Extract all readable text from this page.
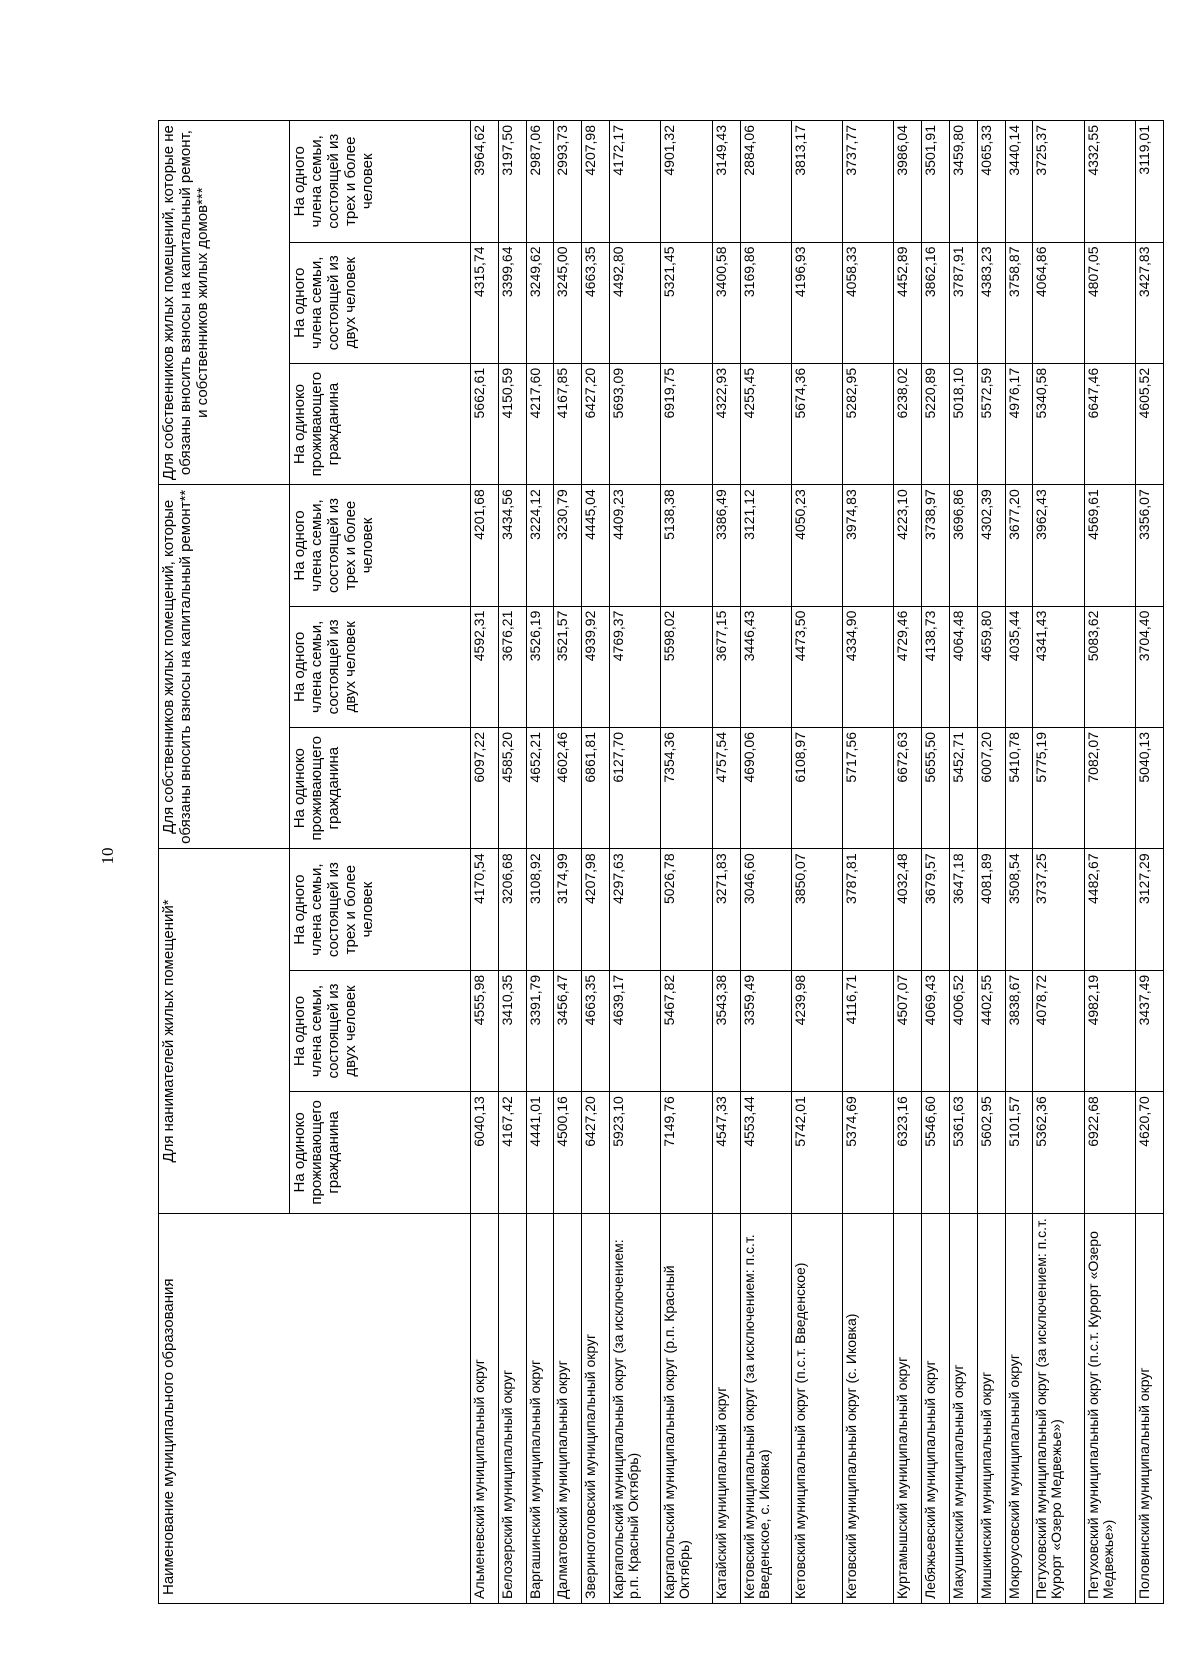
10
Наименование муниципального образования	Для нанимателей жилых помещений*			Для собственников жилых помещений, которые обязаны вносить взносы на капитальный ремонт**			Для собственников жилых помещений, которые не обязаны вносить взносы на капитальный ремонт, и собственников жилых домов***		
	На одиноко проживающего гражданина	На одного члена семьи, состоящей из двух человек	На одного члена семьи, состоящей из трех и более человек	На одиноко проживающего гражданина	На одного члена семьи, состоящей из двух человек	На одного члена семьи, состоящей из трех и более человек	На одиноко проживающего гражданина	На одного члена семьи, состоящей из двух человек	На одного члена семьи, состоящей из трех и более человек
Альменевский муниципальный округ	6040,13	4555,98	4170,54	6097,22	4592,31	4201,68	5662,61	4315,74	3964,62
Белозерский муниципальный округ	4167,42	3410,35	3206,68	4585,20	3676,21	3434,56	4150,59	3399,64	3197,50
Варгашинский муниципальный округ	4441,01	3391,79	3108,92	4652,21	3526,19	3224,12	4217,60	3249,62	2987,06
Далматовский муниципальный округ	4500,16	3456,47	3174,99	4602,46	3521,57	3230,79	4167,85	3245,00	2993,73
Звериноголовский муниципальный округ	6427,20	4663,35	4207,98	6861,81	4939,92	4445,04	6427,20	4663,35	4207,98
Каргапольский муниципальный округ (за исключением: р.п. Красный Октябрь)	5923,10	4639,17	4297,63	6127,70	4769,37	4409,23	5693,09	4492,80	4172,17
Каргапольский муниципальный округ (р.п. Красный Октябрь)	7149,76	5467,82	5026,78	7354,36	5598,02	5138,38	6919,75	5321,45	4901,32
Катайский муниципальный округ	4547,33	3543,38	3271,83	4757,54	3677,15	3386,49	4322,93	3400,58	3149,43
Кетовский муниципальный округ (за исключением: п.с.т. Введенское, с. Иковка)	4553,44	3359,49	3046,60	4690,06	3446,43	3121,12	4255,45	3169,86	2884,06
Кетовский муниципальный округ (п.с.т. Введенское)	5742,01	4239,98	3850,07	6108,97	4473,50	4050,23	5674,36	4196,93	3813,17
Кетовский муниципальный округ (с. Иковка)	5374,69	4116,71	3787,81	5717,56	4334,90	3974,83	5282,95	4058,33	3737,77
Куртамышский муниципальный округ	6323,16	4507,07	4032,48	6672,63	4729,46	4223,10	6238,02	4452,89	3986,04
Лебяжьевский муниципальный округ	5546,60	4069,43	3679,57	5655,50	4138,73	3738,97	5220,89	3862,16	3501,91
Макушинский муниципальный округ	5361,63	4006,52	3647,18	5452,71	4064,48	3696,86	5018,10	3787,91	3459,80
Мишкинский муниципальный округ	5602,95	4402,55	4081,89	6007,20	4659,80	4302,39	5572,59	4383,23	4065,33
Мокроусовский муниципальный округ	5101,57	3838,67	3508,54	5410,78	4035,44	3677,20	4976,17	3758,87	3440,14
Петуховский муниципальный округ (за исключением: п.с.т. Курорт «Озеро Медвежье»)	5362,36	4078,72	3737,25	5775,19	4341,43	3962,43	5340,58	4064,86	3725,37
Петуховский муниципальный округ (п.с.т. Курорт «Озеро Медвежье»)	6922,68	4982,19	4482,67	7082,07	5083,62	4569,61	6647,46	4807,05	4332,55
Половинский муниципальный округ	4620,70	3437,49	3127,29	5040,13	3704,40	3356,07	4605,52	3427,83	3119,01
